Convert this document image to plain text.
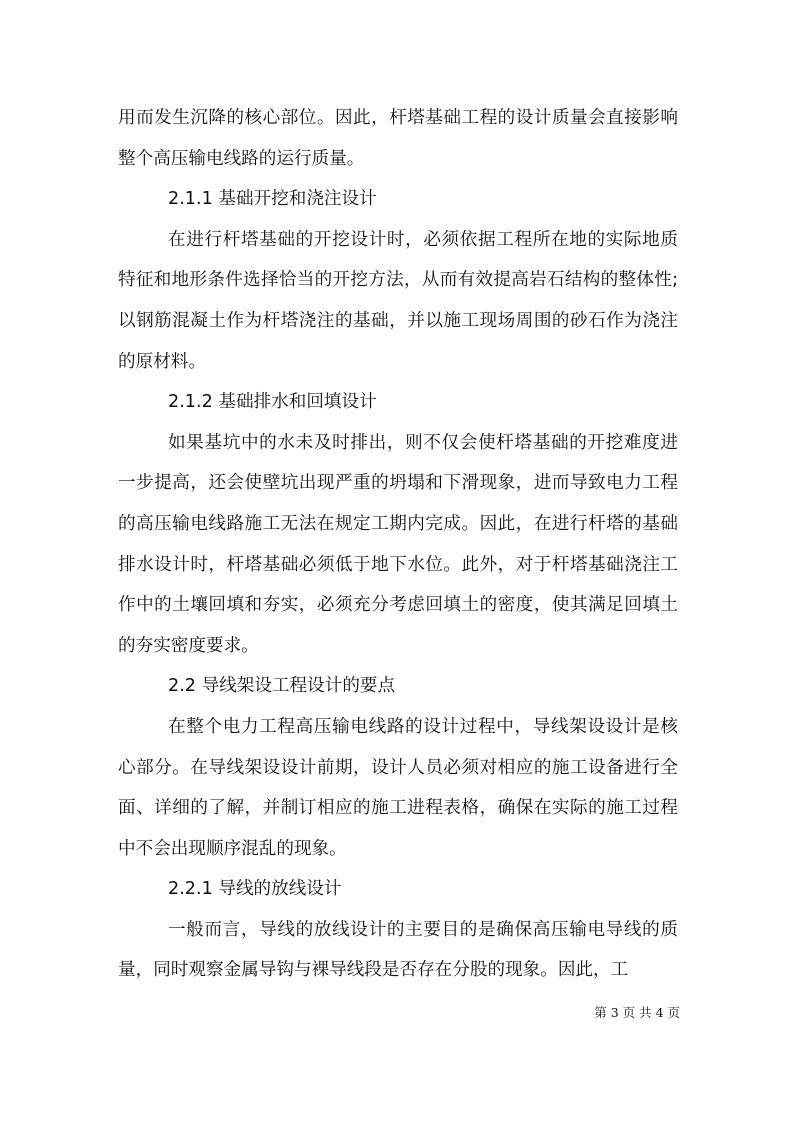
用而发生沉降的核心部位。因此，杆塔基础工程的设计质量会直接影响整个高压输电线路的运行质量。

2.1.1 基础开挖和浇注设计

在进行杆塔基础的开挖设计时，必须依据工程所在地的实际地质特征和地形条件选择恰当的开挖方法，从而有效提高岩石结构的整体性; 以钢筋混凝土作为杆塔浇注的基础，并以施工现场周围的砂石作为浇注的原材料。

2.1.2 基础排水和回填设计

如果基坑中的水未及时排出，则不仅会使杆塔基础的开挖难度进一步提高，还会使壁坑出现严重的坍塌和下滑现象，进而导致电力工程的高压输电线路施工无法在规定工期内完成。因此，在进行杆塔的基础排水设计时，杆塔基础必须低于地下水位。此外，对于杆塔基础浇注工作中的土壤回填和夯实，必须充分考虑回填土的密度，使其满足回填土的夯实密度要求。

2.2 导线架设工程设计的要点

在整个电力工程高压输电线路的设计过程中，导线架设设计是核心部分。在导线架设设计前期，设计人员必须对相应的施工设备进行全面、详细的了解，并制订相应的施工进程表格，确保在实际的施工过程中不会出现顺序混乱的现象。

2.2.1 导线的放线设计

一般而言，导线的放线设计的主要目的是确保高压输电导线的质量，同时观察金属导钩与裸导线段是否存在分股的现象。因此，工

第 3 页 共 4 页
